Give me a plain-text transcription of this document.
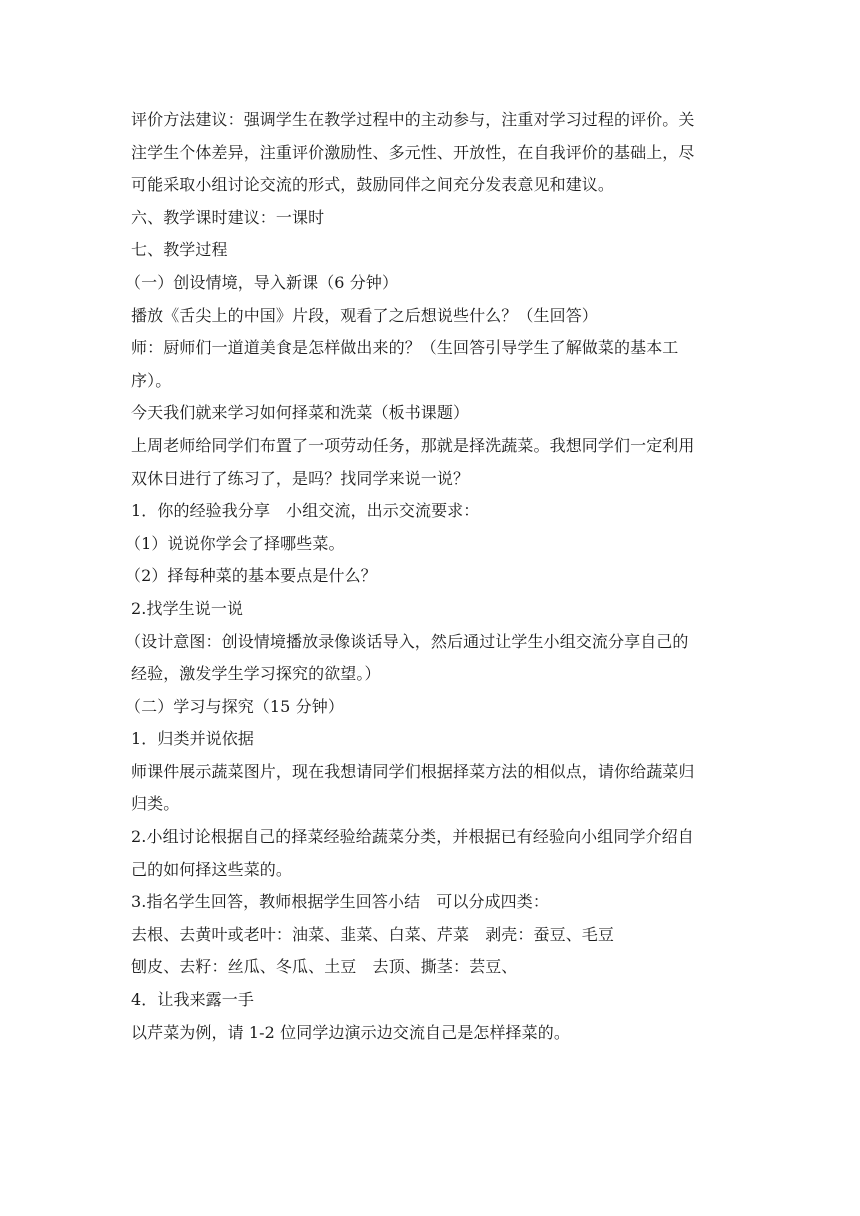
评价方法建议：强调学生在教学过程中的主动参与，注重对学习过程的评价。关
注学生个体差异，注重评价激励性、多元性、开放性，在自我评价的基础上，尽
可能采取小组讨论交流的形式，鼓励同伴之间充分发表意见和建议。
六、教学课时建议：一课时
七、教学过程
（一）创设情境，导入新课（6 分钟）
播放《舌尖上的中国》片段，观看了之后想说些什么？（生回答）
师：厨师们一道道美食是怎样做出来的？（生回答引导学生了解做菜的基本工
序）。
今天我们就来学习如何择菜和洗菜（板书课题）
上周老师给同学们布置了一项劳动任务，那就是择洗蔬菜。我想同学们一定利用
双休日进行了练习了，是吗？找同学来说一说？
1．你的经验我分享　小组交流，出示交流要求：
（1）说说你学会了择哪些菜。
（2）择每种菜的基本要点是什么？
2.找学生说一说
（设计意图：创设情境播放录像谈话导入，然后通过让学生小组交流分享自己的
经验，激发学生学习探究的欲望。）
（二）学习与探究（15 分钟）
1．归类并说依据
师课件展示蔬菜图片，现在我想请同学们根据择菜方法的相似点，请你给蔬菜归
归类。
2.小组讨论根据自己的择菜经验给蔬菜分类，并根据已有经验向小组同学介绍自
己的如何择这些菜的。
3.指名学生回答，教师根据学生回答小结　可以分成四类：
去根、去黄叶或老叶：油菜、韭菜、白菜、芹菜　剥壳：蚕豆、毛豆
刨皮、去籽：丝瓜、冬瓜、土豆　去顶、撕茎：芸豆、
4．让我来露一手
以芹菜为例，请 1-2 位同学边演示边交流自己是怎样择菜的。
